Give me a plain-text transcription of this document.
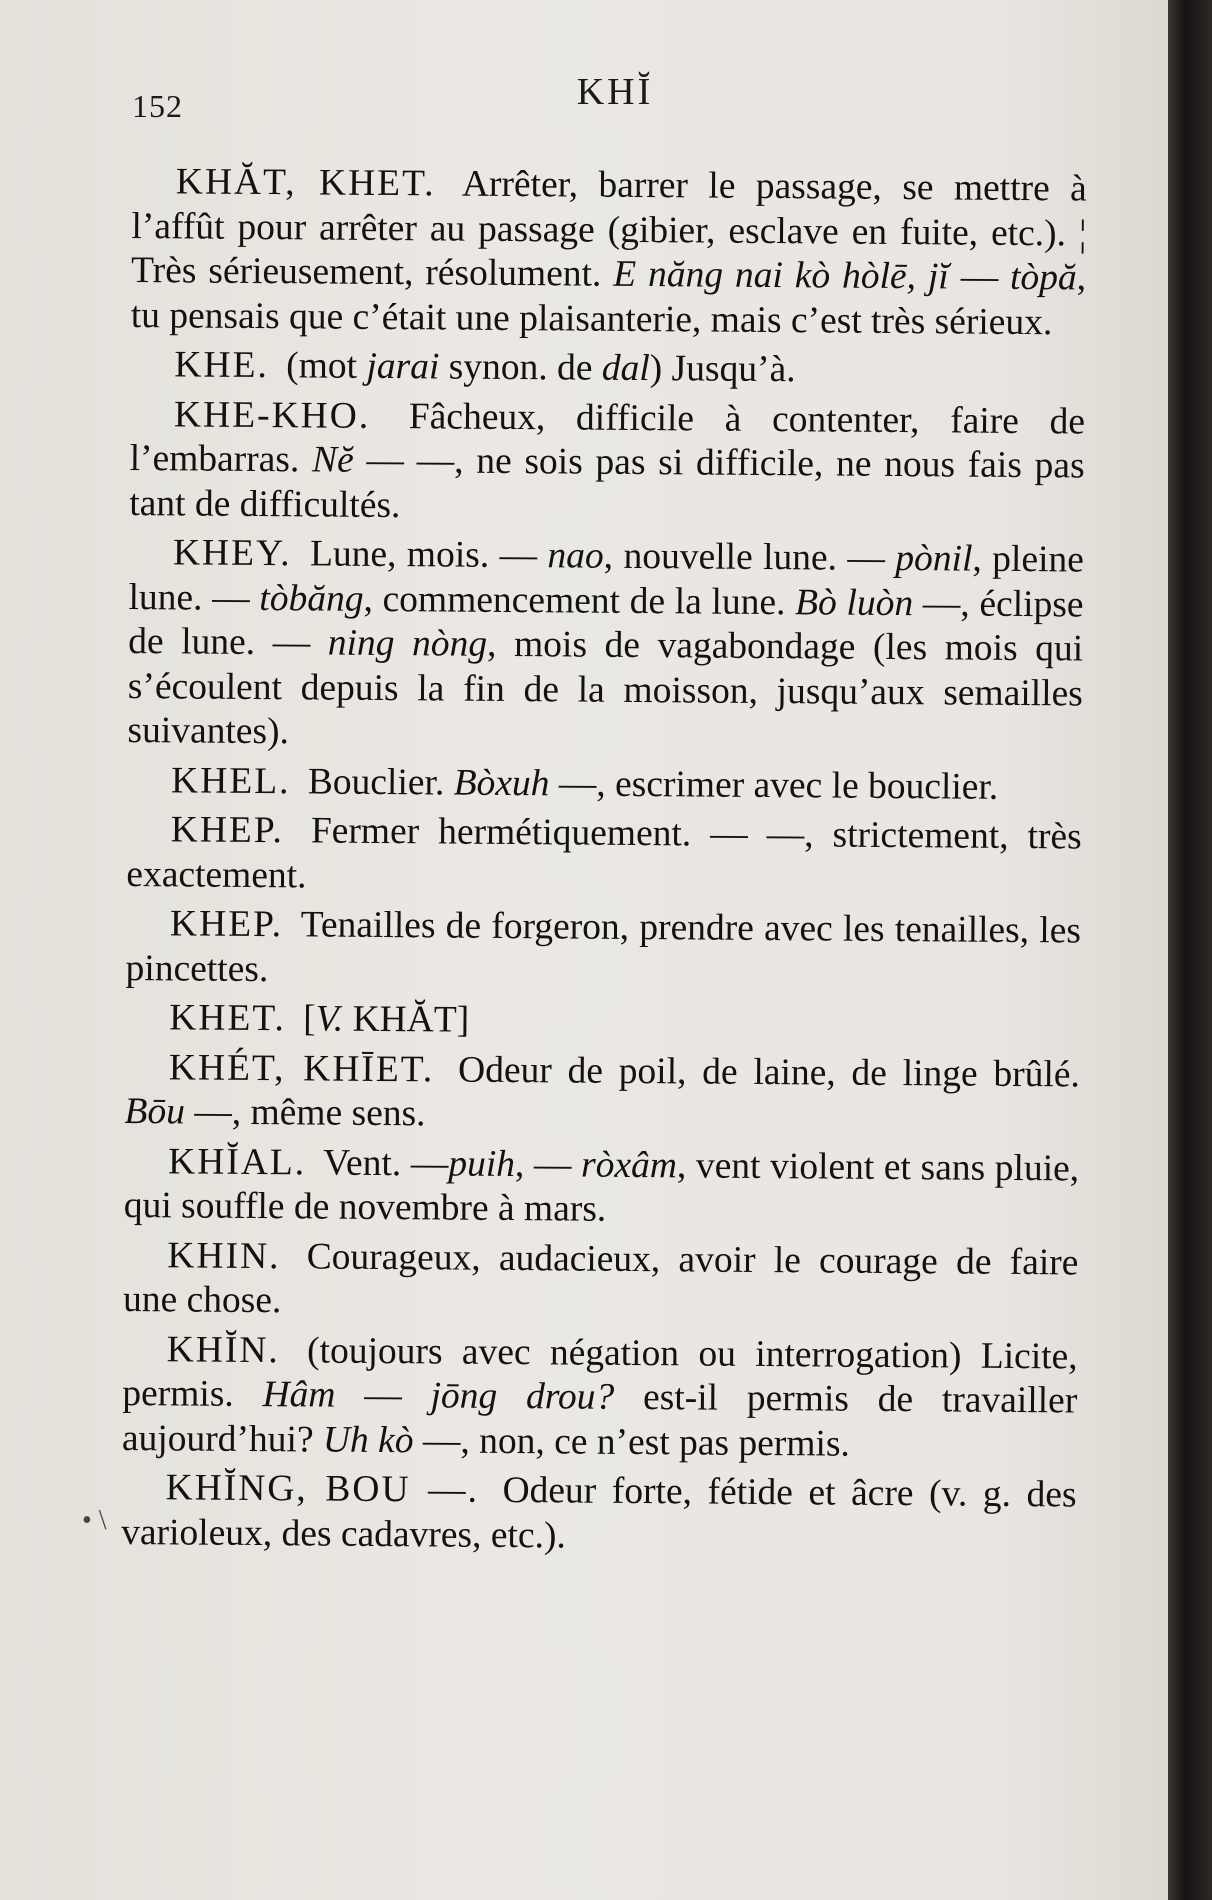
152	KHĬ
• \

KHĂT, KHET. Arrêter, barrer le passage, se mettre à l’affût pour arrêter au passage (gibier, esclave en fuite, etc.). ¦ Très sérieusement, résolument. E năng nai kò hòlē, jĭ — tòpă, tu pensais que c’était une plaisanterie, mais c’est très sérieux.

KHE. (mot jarai synon. de dal) Jusqu’à.

KHE-KHO. Fâcheux, difficile à contenter, faire de l’embarras. Nĕ — —, ne sois pas si difficile, ne nous fais pas tant de difficultés.

KHEY. Lune, mois. — nao, nouvelle lune. — pònil, pleine lune. — tòbăng, commencement de la lune. Bò luòn —, éclipse de lune. — ning nòng, mois de vagabondage (les mois qui s’écoulent depuis la fin de la moisson, jusqu’aux semailles suivantes).

KHEL. Bouclier. Bòxuh —, escrimer avec le bouclier.

KHEP. Fermer hermétiquement. — —, strictement, très exactement.

KHEP. Tenailles de forgeron, prendre avec les tenailles, les pincettes.

KHET. [V. KHĂT]

KHÉT, KHĪET. Odeur de poil, de laine, de linge brûlé. Bōu —, même sens.

KHĬAL. Vent. —puih, — ròxâm, vent violent et sans pluie, qui souffle de novembre à mars.

KHIN. Courageux, audacieux, avoir le courage de faire une chose.

KHĬN. (toujours avec négation ou interrogation) Licite, permis. Hâm — jōng drou? est-il permis de travailler aujourd’hui? Uh kò —, non, ce n’est pas permis.

KHĬNG, BOU —. Odeur forte, fétide et âcre (v. g. des varioleux, des cadavres, etc.).
